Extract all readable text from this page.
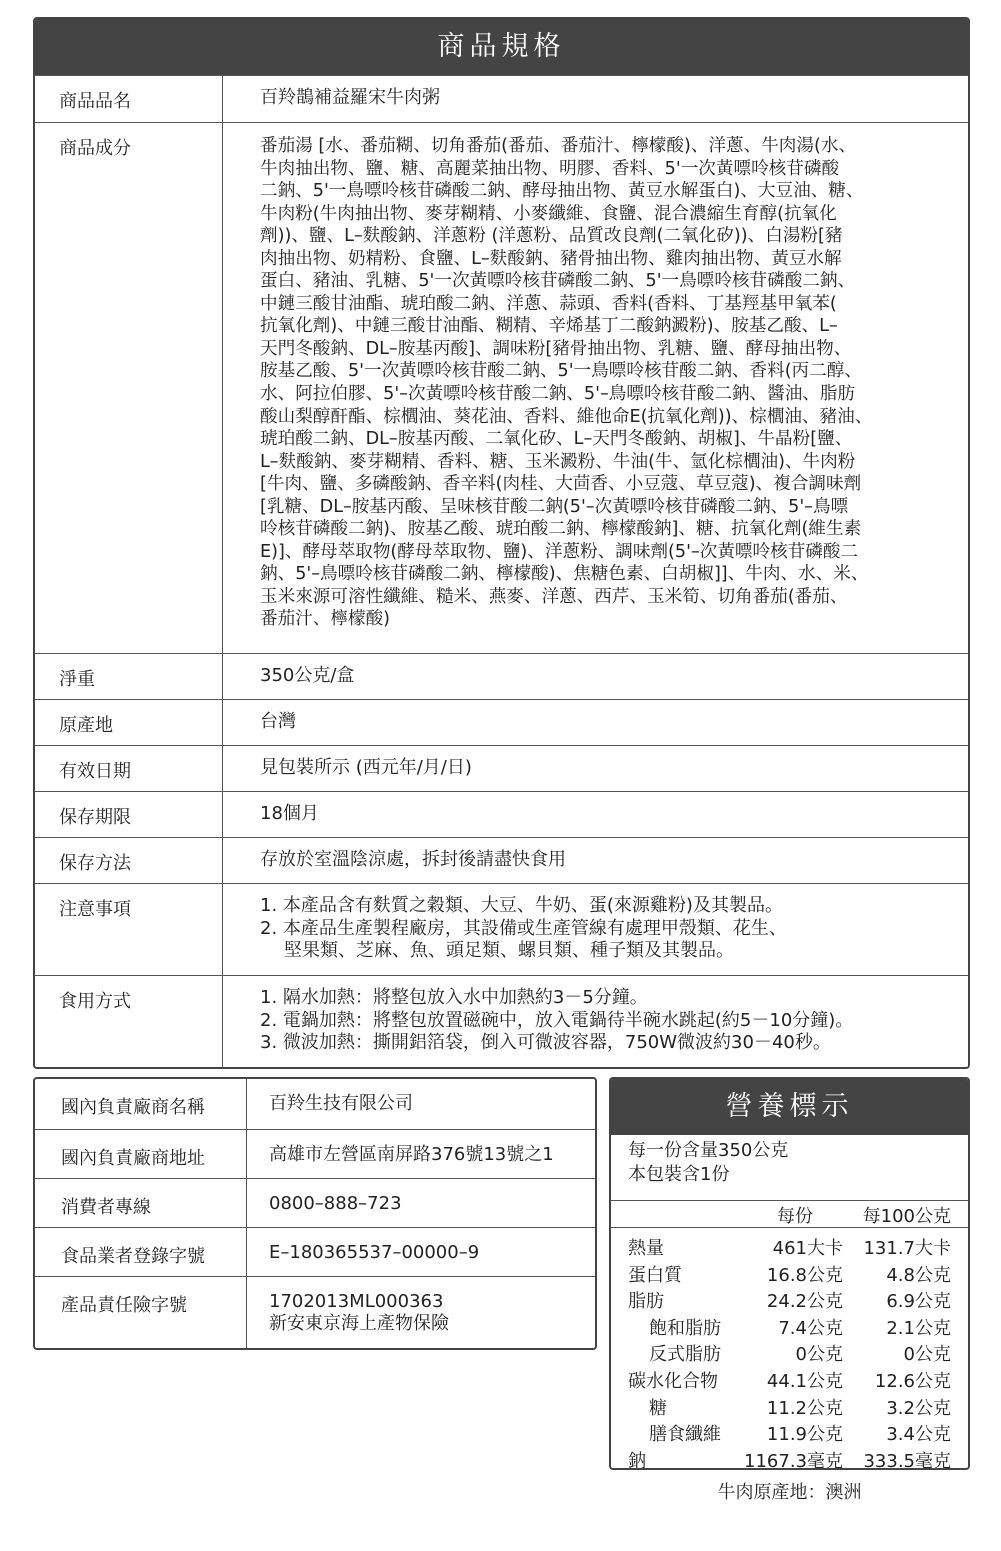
商品規格
商品品名	百羚鵲補益羅宋牛肉粥
商品成分	番茄湯 [水、番茄糊、切角番茄(番茄、番茄汁、檸檬酸)、洋蔥、牛肉湯(水、
牛肉抽出物、鹽、糖、高麗菜抽出物、明膠、香料、5'一次黃嘌呤核苷磷酸
二鈉、5'一鳥嘌呤核苷磷酸二鈉、酵母抽出物、黃豆水解蛋白)、大豆油、糖、
牛肉粉(牛肉抽出物、麥芽糊精、小麥纖維、食鹽、混合濃縮生育醇(抗氧化
劑))、鹽、L–麩酸鈉、洋蔥粉 (洋蔥粉、品質改良劑(二氧化矽))、白湯粉[豬
肉抽出物、奶精粉、食鹽、L–麩酸鈉、豬骨抽出物、雞肉抽出物、黃豆水解
蛋白、豬油、乳糖、5'一次黃嘌呤核苷磷酸二鈉、5'一鳥嘌呤核苷磷酸二鈉、
中鏈三酸甘油酯、琥珀酸二鈉、洋蔥、蒜頭、香料(香料、丁基羥基甲氧苯(
抗氧化劑)、中鏈三酸甘油酯、糊精、辛烯基丁二酸鈉澱粉)、胺基乙酸、L–
天門冬酸鈉、DL–胺基丙酸]、調味粉[豬骨抽出物、乳糖、鹽、酵母抽出物、
胺基乙酸、5'一次黃嘌呤核苷酸二鈉、5'一鳥嘌呤核苷酸二鈉、香料(丙二醇、
水、阿拉伯膠、5'–次黃嘌呤核苷酸二鈉、5'–鳥嘌呤核苷酸二鈉、醬油、脂肪
酸山梨醇酐酯、棕櫚油、葵花油、香料、維他命E(抗氧化劑))、棕櫚油、豬油、
琥珀酸二鈉、DL–胺基丙酸、二氧化矽、L–天門冬酸鈉、胡椒]、牛晶粉[鹽、
L–麩酸鈉、麥芽糊精、香料、糖、玉米澱粉、牛油(牛、氫化棕櫚油)、牛肉粉
[牛肉、鹽、多磷酸鈉、香辛料(肉桂、大茴香、小豆蔻、草豆蔻)、複合調味劑
[乳糖、DL–胺基丙酸、呈味核苷酸二鈉(5'–次黃嘌呤核苷磷酸二鈉、5'–鳥嘌
呤核苷磷酸二鈉)、胺基乙酸、琥珀酸二鈉、檸檬酸鈉]、糖、抗氧化劑(維生素
E)]、酵母萃取物(酵母萃取物、鹽)、洋蔥粉、調味劑(5'–次黃嘌呤核苷磷酸二
鈉、5'–鳥嘌呤核苷磷酸二鈉、檸檬酸)、焦糖色素、白胡椒]]、牛肉、水、米、
玉米來源可溶性纖維、糙米、燕麥、洋蔥、西芹、玉米筍、切角番茄(番茄、
番茄汁、檸檬酸)
淨重	350公克/盒
原產地	台灣
有效日期	見包裝所示 (西元年/月/日)
保存期限	18個月
保存方法	存放於室溫陰涼處，拆封後請盡快食用
注意事項	1. 本產品含有麩質之穀類、大豆、牛奶、蛋(來源雞粉)及其製品。
2. 本產品生產製程廠房，其設備或生產管線有處理甲殼類、花生、
堅果類、芝麻、魚、頭足類、螺貝類、種子類及其製品。
食用方式	1. 隔水加熱：將整包放入水中加熱約3－5分鐘。
2. 電鍋加熱：將整包放置磁碗中，放入電鍋待半碗水跳起(約5－10分鐘)。
3. 微波加熱：撕開鋁箔袋，倒入可微波容器，750W微波約30－40秒。
國內負責廠商名稱	百羚生技有限公司
國內負責廠商地址	高雄市左營區南屏路376號13號之1
消費者專線	0800–888–723
食品業者登錄字號	E–180365537–00000–9
產品責任險字號	1702013ML000363
新安東京海上產物保險
營養標示
每一份含量350公克
本包裝含1份
每份	每100公克
熱量	461大卡 131.7大卡
蛋白質	16.8公克 4.8公克
脂肪	24.2公克 6.9公克
飽和脂肪	7.4公克 2.1公克
反式脂肪	0公克	0公克
碳水化合物	44.1公克 12.6公克
糖	11.2公克 3.2公克
膳食纖維	11.9公克 3.4公克
鈉	1167.3毫克 333.5毫克
牛肉原產地：澳洲
